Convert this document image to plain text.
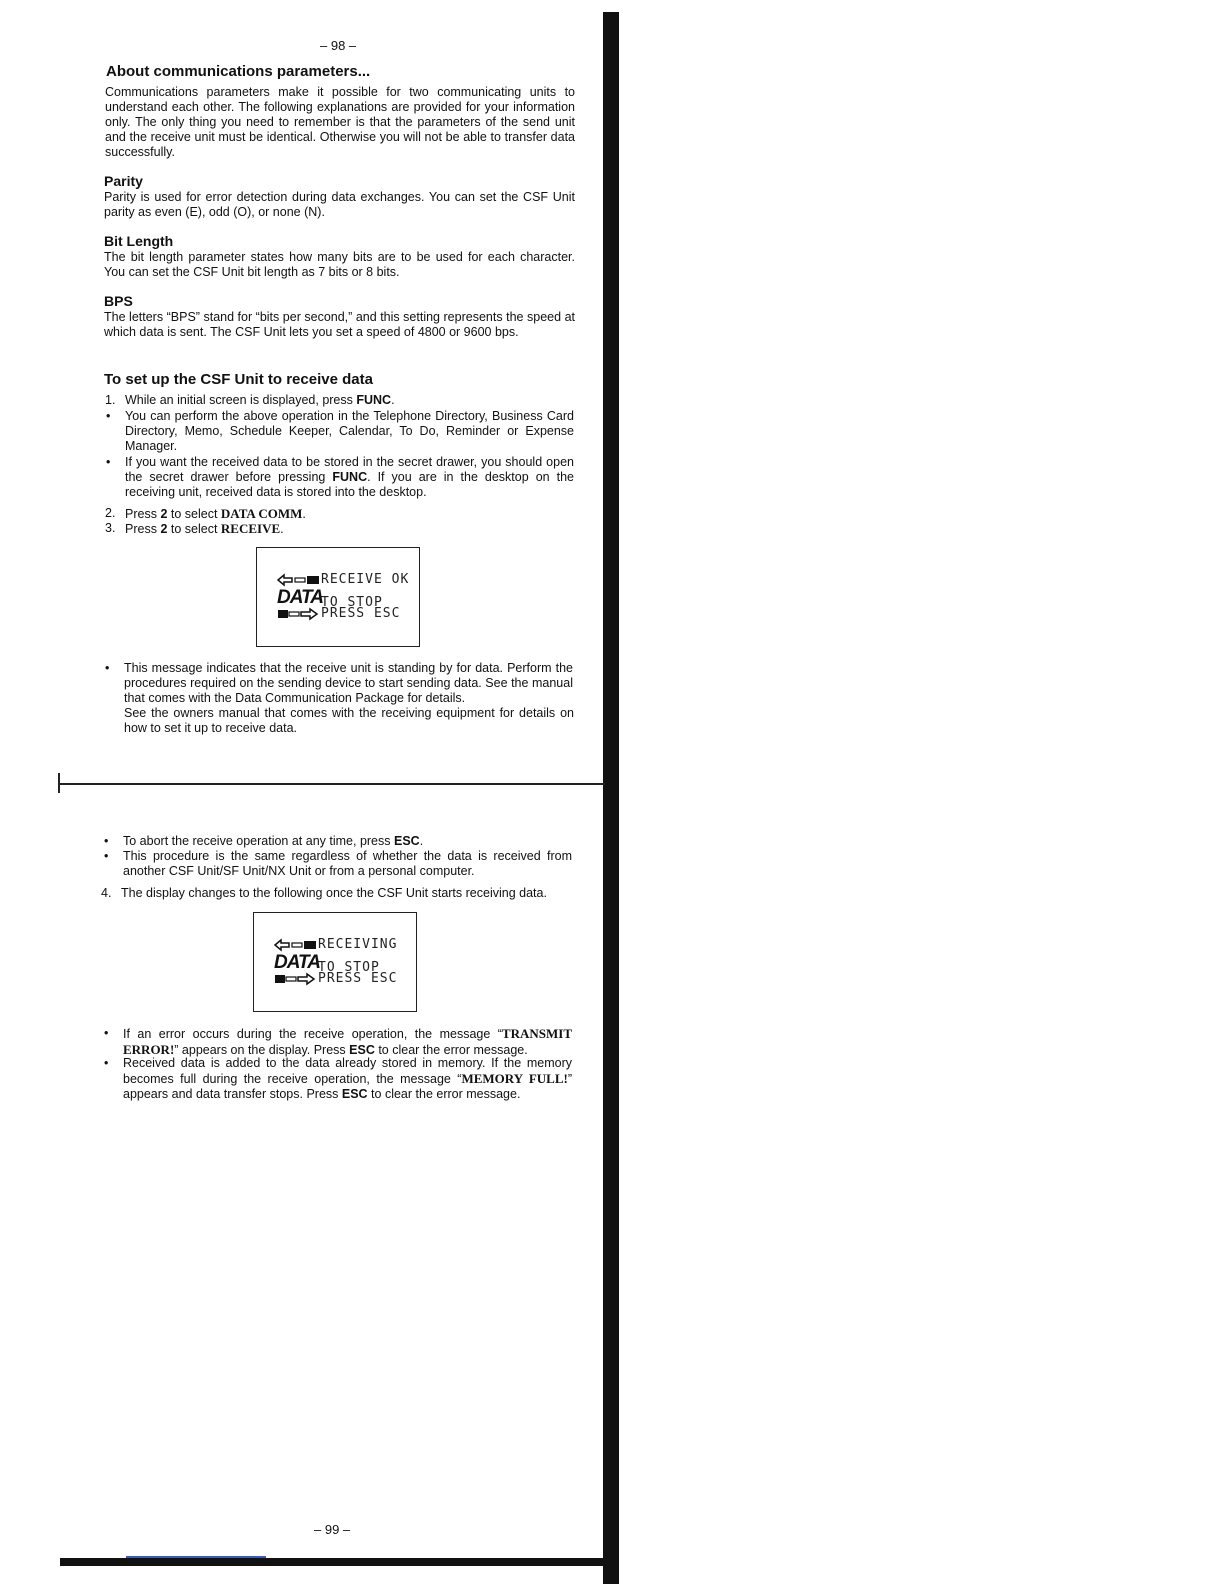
– 98 –
About communications parameters...
Communications parameters make it possible for two communicating units to understand each other. The following explanations are provided for your information only. The only thing you need to remember is that the parameters of the send unit and the receive unit must be identical. Otherwise you will not be able to transfer data successfully.
Parity
Parity is used for error detection during data exchanges. You can set the CSF Unit parity as even (E), odd (O), or none (N).
Bit Length
The bit length parameter states how many bits are to be used for each character. You can set the CSF Unit bit length as 7 bits or 8 bits.
BPS
The letters “BPS” stand for “bits per second,” and this setting represents the speed at which data is sent. The CSF Unit lets you set a speed of 4800 or 9600 bps.
To set up the CSF Unit to receive data
1. While an initial screen is displayed, press FUNC.
• You can perform the above operation in the Telephone Directory, Business Card Directory, Memo, Schedule Keeper, Calendar, To Do, Reminder or Expense Manager.
• If you want the received data to be stored in the secret drawer, you should open the secret drawer before pressing FUNC. If you are in the desktop on the receiving unit, received data is stored into the desktop.
2. Press 2 to select DATA COMM.
3. Press 2 to select RECEIVE.
RECEIVE OK
DATA
TO STOP
PRESS ESC
• This message indicates that the receive unit is standing by for data. Perform the procedures required on the sending device to start sending data. See the manual that comes with the Data Communication Package for details.
See the owners manual that comes with the receiving equipment for details on how to set it up to receive data.
• To abort the receive operation at any time, press ESC.
• This procedure is the same regardless of whether the data is received from another CSF Unit/SF Unit/NX Unit or from a personal computer.
4. The display changes to the following once the CSF Unit starts receiving data.
RECEIVING
DATA
TO STOP
PRESS ESC
• If an error occurs during the receive operation, the message “TRANSMIT ERROR!” appears on the display. Press ESC to clear the error message.
• Received data is added to the data already stored in memory. If the memory becomes full during the receive operation, the message “MEMORY FULL!” appears and data transfer stops. Press ESC to clear the error message.
– 99 –
